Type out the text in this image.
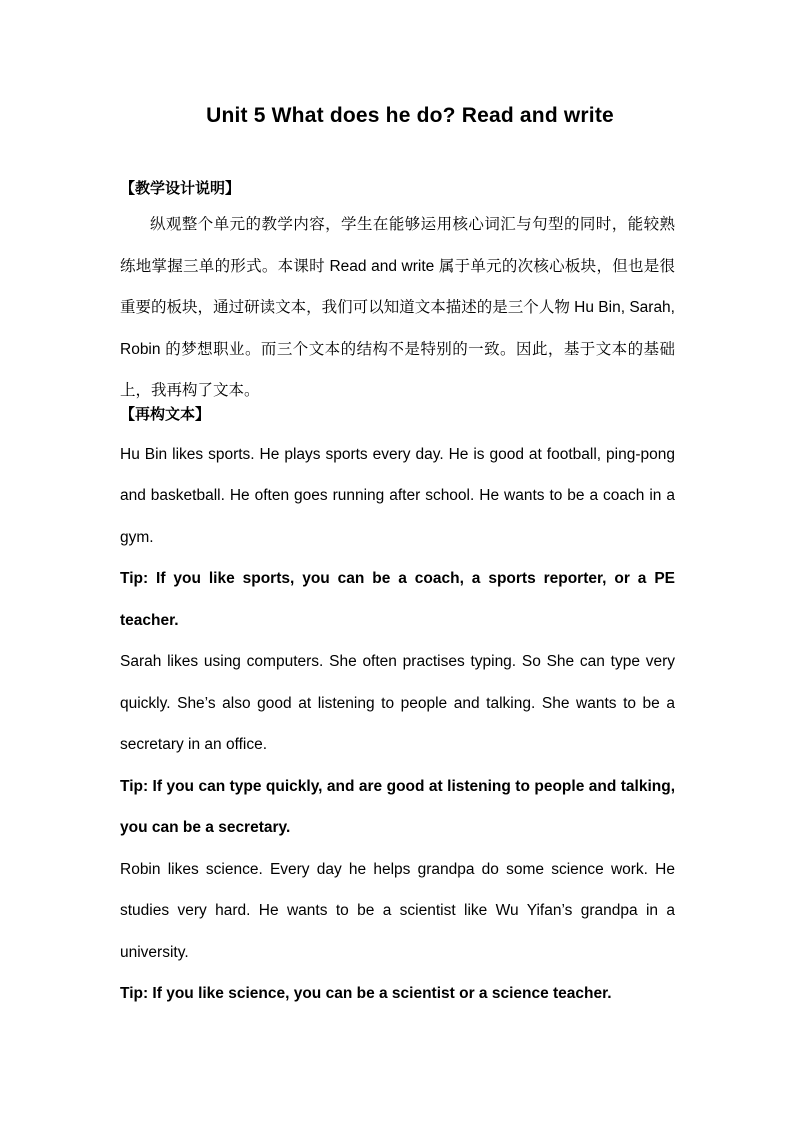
Unit 5 What does he do? Read and write
【教学设计说明】

纵观整个单元的教学内容，学生在能够运用核心词汇与句型的同时，能较熟练地掌握三单的形式。本课时 Read and write 属于单元的次核心板块，但也是很重要的板块，通过研读文本，我们可以知道文本描述的是三个人物 Hu Bin, Sarah, Robin 的梦想职业。而三个文本的结构不是特别的一致。因此，基于文本的基础上，我再构了文本。

【再构文本】

Hu Bin likes sports. He plays sports every day. He is good at football, ping-pong and basketball. He often goes running after school. He wants to be a coach in a gym.

Tip: If you like sports, you can be a coach, a sports reporter, or a PE teacher.

Sarah likes using computers. She often practises typing. So She can type very quickly. She’s also good at listening to people and talking. She wants to be a secretary in an office.

Tip: If you can type quickly, and are good at listening to people and talking, you can be a secretary.

Robin likes science. Every day he helps grandpa do some science work. He studies very hard. He wants to be a scientist like Wu Yifan’s grandpa in a university.

Tip: If you like science, you can be a scientist or a science teacher.
